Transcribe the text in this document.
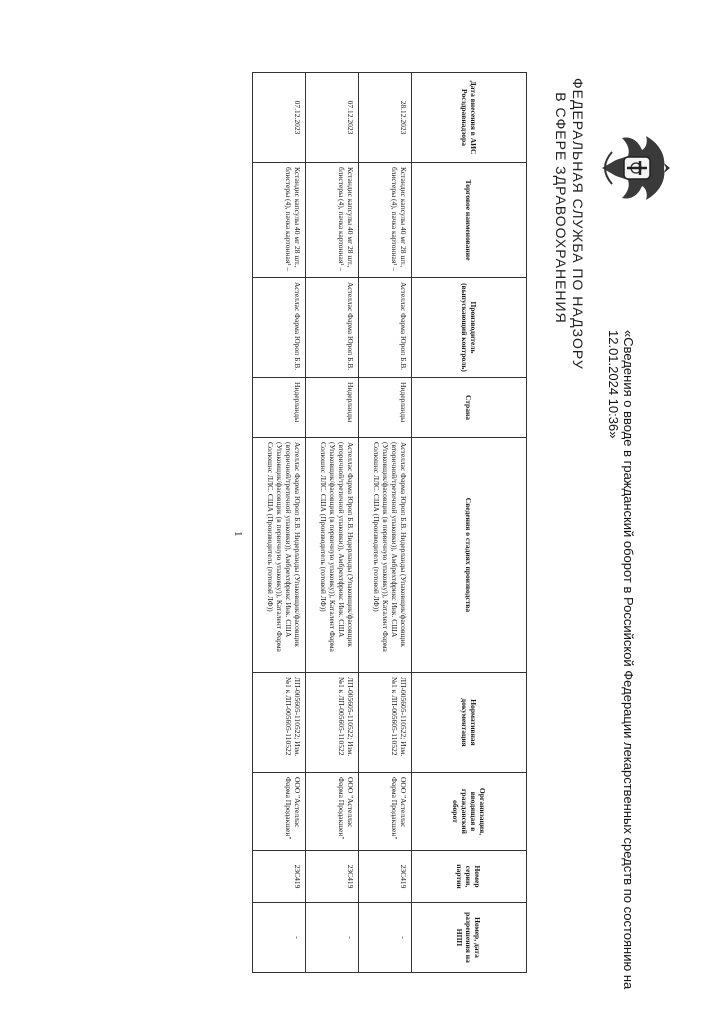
ФЕДЕРАЛЬНАЯ СЛУЖБА ПО НАДЗОРУ
В СФЕРЕ ЗДРАВООХРАНЕНИЯ
«Сведения о вводе в гражданский оборот в Российской Федерации лекарственных средств по состоянию на 12.01.2024 10:36»
Дата внесения в АИС Росздравнадзора	Торговое наименование	Производитель (выпускающий контроль)	Страна	Сведения о стадиях производства	Нормативная документация	Организация, вводящая в гражданский оборот	Номер серии, партии	Номер, дата разрешения на НПП
28.12.2023	Кстандис капсулы 40 мг 28 шт., блистеры (4), пачка картонная¹ –	Астеллас Фарма Юроп Б.В.	Нидерланды	Астеллас Фарма Юроп Б.В. Нидерланды (Упаковщик/фасовщик (вторичной/третичной упаковки)), Амбрехтфрикс Инк. США (Упаковщик/фасовщик (в первичную упаковку)), Каталент Фарма Солюшнс ЛЛС. США (Производитель (готовой ЛФ))	ЛП-005605-110522; Изм. №1 к ЛП-005605-110522	ООО "Астеллас Фарма Продакшен"	23C419	-
07.12.2023	Кстандис капсулы 40 мг 28 шт., блистеры (4), пачка картонная¹ –	Астеллас Фарма Юроп Б.В.	Нидерланды	Астеллас Фарма Юроп Б.В. Нидерланды (Упаковщик/фасовщик (вторичной/третичной упаковки)), Амбрехтфрикс Инк. США (Упаковщик/фасовщик (в первичную упаковку)), Каталент Фарма Солюшнс ЛЛС. США (Производитель (готовой ЛФ))	ЛП-005605-110522; Изм. №1 к ЛП-005605-110522	ООО "Астеллас Фарма Продакшен"	23C419	-
07.12.2023	Кстандис капсулы 40 мг 28 шт., блистеры (4), пачка картонная¹ –	Астеллас Фарма Юроп Б.В.	Нидерланды	Астеллас Фарма Юроп Б.В. Нидерланды (Упаковщик/фасовщик (вторичной/третичной упаковки)), Амбрехтфрикс Инк. США (Упаковщик/фасовщик (в первичную упаковку)), Каталент Фарма Солюшнс ЛЛС. США (Производитель (готовой ЛФ))	ЛП-005605-110522; Изм. №1 к ЛП-005605-110522	ООО "Астеллас Фарма Продакшен"	23C419	-
1
